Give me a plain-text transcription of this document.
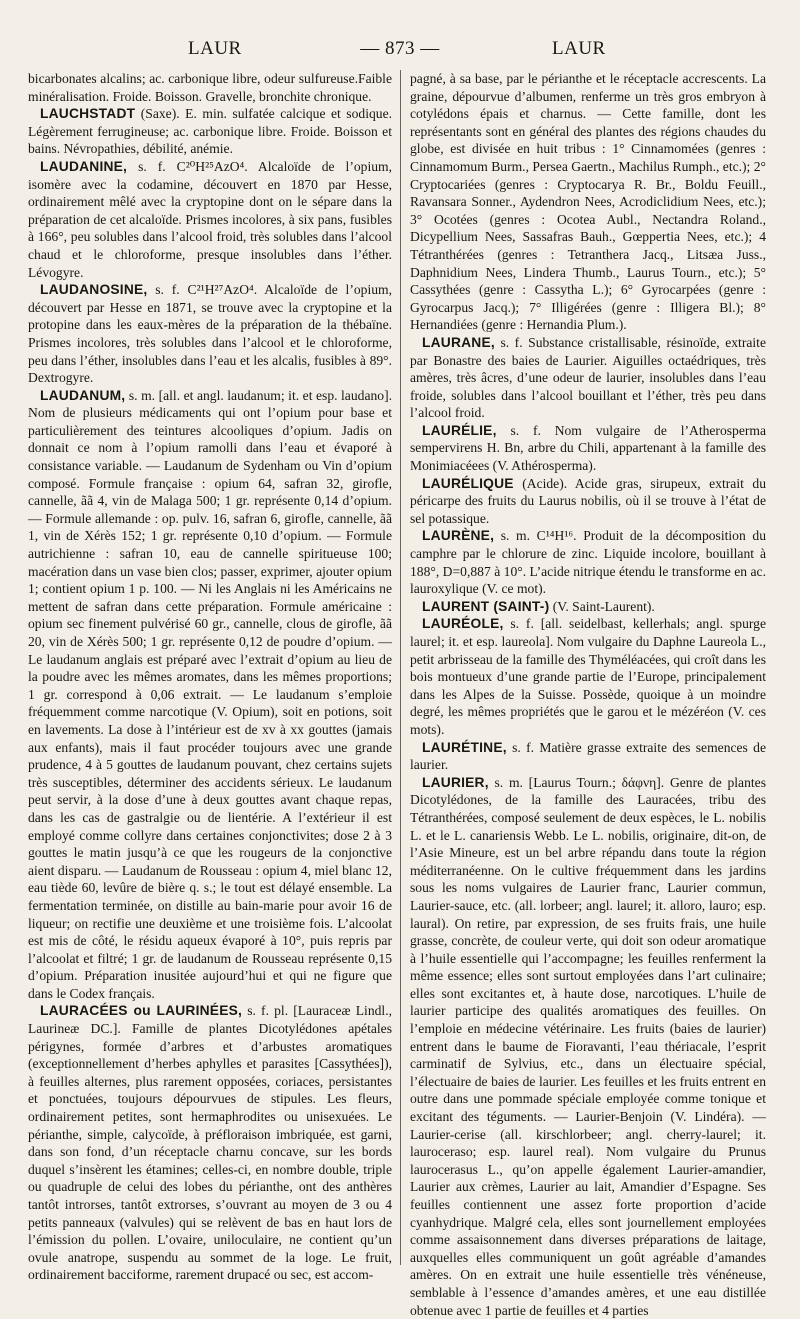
LAUR	— 873 —	LAUR

bicarbonates alcalins; ac. carbonique libre, odeur sulfureuse.Faible minéralisation. Froide. Boisson. Gravelle, bronchite chronique.

LAUCHSTADT (Saxe). E. min. sulfatée calcique et sodique. Légèrement ferrugineuse; ac. carbonique libre. Froide. Boisson et bains. Névropathies, débilité, anémie.

LAUDANINE, s. f. C²⁰H²⁵AzO⁴. Alcaloïde de l’opium, isomère avec la codamine, découvert en 1870 par Hesse, ordinairement mêlé avec la cryptopine dont on le sépare dans la préparation de cet alcaloïde. Prismes incolores, à six pans, fusibles à 166°, peu solubles dans l’alcool froid, très solubles dans l’alcool chaud et le chloroforme, presque insolubles dans l’éther. Lévogyre.

LAUDANOSINE, s. f. C²¹H²⁷AzO⁴. Alcaloïde de l’opium, découvert par Hesse en 1871, se trouve avec la cryptopine et la protopine dans les eaux-mères de la préparation de la thébaïne. Prismes incolores, très solubles dans l’alcool et le chloroforme, peu dans l’éther, insolubles dans l’eau et les alcalis, fusibles à 89°. Dextrogyre.

LAUDANUM, s. m. [all. et angl. laudanum; it. et esp. laudano]. Nom de plusieurs médicaments qui ont l’opium pour base et particulièrement des teintures alcooliques d’opium. Jadis on donnait ce nom à l’opium ramolli dans l’eau et évaporé à consistance variable. — Laudanum de Sydenham ou Vin d’opium composé. Formule française : opium 64, safran 32, girofle, cannelle, ãã 4, vin de Malaga 500; 1 gr. représente 0,14 d’opium. — Formule allemande : op. pulv. 16, safran 6, girofle, cannelle, ãã 1, vin de Xérès 152; 1 gr. représente 0,10 d’opium. — Formule autrichienne : safran 10, eau de cannelle spiritueuse 100; macération dans un vase bien clos; passer, exprimer, ajouter opium 1; contient opium 1 p. 100. — Ni les Anglais ni les Américains ne mettent de safran dans cette préparation. Formule américaine : opium sec finement pulvérisé 60 gr., cannelle, clous de girofle, ãã 20, vin de Xérès 500; 1 gr. représente 0,12 de poudre d’opium. — Le laudanum anglais est préparé avec l’extrait d’opium au lieu de la poudre avec les mêmes aromates, dans les mêmes proportions; 1 gr. correspond à 0,06 extrait. — Le laudanum s’emploie fréquemment comme narcotique (V. Opium), soit en potions, soit en lavements. La dose à l’intérieur est de xv à xx gouttes (jamais aux enfants), mais il faut procéder toujours avec une grande prudence, 4 à 5 gouttes de laudanum pouvant, chez certains sujets très susceptibles, déterminer des accidents sérieux. Le laudanum peut servir, à la dose d’une à deux gouttes avant chaque repas, dans les cas de gastralgie ou de lientérie. A l’extérieur il est employé comme collyre dans certaines conjonctivites; dose 2 à 3 gouttes le matin jusqu’à ce que les rougeurs de la conjonctive aient disparu. — Laudanum de Rousseau : opium 4, miel blanc 12, eau tiède 60, levûre de bière q. s.; le tout est délayé ensemble. La fermentation terminée, on distille au bain-marie pour avoir 16 de liqueur; on rectifie une deuxième et une troisième fois. L’alcoolat est mis de côté, le résidu aqueux évaporé à 10°, puis repris par l’alcoolat et filtré; 1 gr. de laudanum de Rousseau représente 0,15 d’opium. Préparation inusitée aujourd’hui et qui ne figure que dans le Codex français.

LAURACÉES ou LAURINÉES, s. f. pl. [Lauraceæ Lindl., Laurineæ DC.]. Famille de plantes Dicotylédones apétales périgynes, formée d’arbres et d’arbustes aromatiques (exceptionnellement d’herbes aphylles et parasites [Cassythées]), à feuilles alternes, plus rarement opposées, coriaces, persistantes et ponctuées, toujours dépourvues de stipules. Les fleurs, ordinairement petites, sont hermaphrodites ou unisexuées. Le périanthe, simple, calycoïde, à préfloraison imbriquée, est garni, dans son fond, d’un réceptacle charnu concave, sur les bords duquel s’insèrent les étamines; celles-ci, en nombre double, triple ou quadruple de celui des lobes du périanthe, ont des anthères tantôt introrses, tantôt extrorses, s’ouvrant au moyen de 3 ou 4 petits panneaux (valvules) qui se relèvent de bas en haut lors de l’émission du pollen. L’ovaire, uniloculaire, ne contient qu’un ovule anatrope, suspendu au sommet de la loge. Le fruit, ordinairement bacciforme, rarement drupacé ou sec, est accom-

pagné, à sa base, par le périanthe et le réceptacle accrescents. La graine, dépourvue d’albumen, renferme un très gros embryon à cotylédons épais et charnus. — Cette famille, dont les représentants sont en général des plantes des régions chaudes du globe, est divisée en huit tribus : 1° Cinnamomées (genres : Cinnamomum Burm., Persea Gaertn., Machilus Rumph., etc.); 2° Cryptocariées (genres : Cryptocarya R. Br., Boldu Feuill., Ravansara Sonner., Aydendron Nees, Acrodiclidium Nees, etc.); 3° Ocotées (genres : Ocotea Aubl., Nectandra Roland., Dicypellium Nees, Sassafras Bauh., Gœppertia Nees, etc.); 4 Tétranthérées (genres : Tetranthera Jacq., Litsæa Juss., Daphnidium Nees, Lindera Thumb., Laurus Tourn., etc.); 5° Cassythées (genre : Cassytha L.); 6° Gyrocarpées (genre : Gyrocarpus Jacq.); 7° Illigérées (genre : Illigera Bl.); 8° Hernandiées (genre : Hernandia Plum.).

LAURANE, s. f. Substance cristallisable, résinoïde, extraite par Bonastre des baies de Laurier. Aiguilles octaédriques, très amères, très âcres, d’une odeur de laurier, insolubles dans l’eau froide, solubles dans l’alcool bouillant et l’éther, très peu dans l’alcool froid.

LAURÉLIE, s. f. Nom vulgaire de l’Atherosperma sempervirens H. Bn, arbre du Chili, appartenant à la famille des Monimiacéees (V. Athérosperma).

LAURÉLIQUE (Acide). Acide gras, sirupeux, extrait du péricarpe des fruits du Laurus nobilis, où il se trouve à l’état de sel potassique.

LAURÈNE, s. m. C¹⁴H¹⁶. Produit de la décomposition du camphre par le chlorure de zinc. Liquide incolore, bouillant à 188°, D=0,887 à 10°. L’acide nitrique étendu le transforme en ac. lauroxylique (V. ce mot).

LAURENT (SAINT-) (V. Saint-Laurent).

LAURÉOLE, s. f. [all. seidelbast, kellerhals; angl. spurge laurel; it. et esp. laureola]. Nom vulgaire du Daphne Laureola L., petit arbrisseau de la famille des Thyméléacées, qui croît dans les bois montueux d’une grande partie de l’Europe, principalement dans les Alpes de la Suisse. Possède, quoique à un moindre degré, les mêmes propriétés que le garou et le mézéréon (V. ces mots).

LAURÉTINE, s. f. Matière grasse extraite des semences de laurier.

LAURIER, s. m. [Laurus Tourn.; δάφνη]. Genre de plantes Dicotylédones, de la famille des Lauracées, tribu des Tétranthérées, composé seulement de deux espèces, le L. nobilis L. et le L. canariensis Webb. Le L. nobilis, originaire, dit-on, de l’Asie Mineure, est un bel arbre répandu dans toute la région méditerranéenne. On le cultive fréquemment dans les jardins sous les noms vulgaires de Laurier franc, Laurier commun, Laurier-sauce, etc. (all. lorbeer; angl. laurel; it. alloro, lauro; esp. laural). On retire, par expression, de ses fruits frais, une huile grasse, concrète, de couleur verte, qui doit son odeur aromatique à l’huile essentielle qui l’accompagne; les feuilles renferment la même essence; elles sont surtout employées dans l’art culinaire; elles sont excitantes et, à haute dose, narcotiques. L’huile de laurier participe des qualités aromatiques des feuilles. On l’emploie en médecine vétérinaire. Les fruits (baies de laurier) entrent dans le baume de Fioravanti, l’eau thériacale, l’esprit carminatif de Sylvius, etc., dans un électuaire spécial, l’électuaire de baies de laurier. Les feuilles et les fruits entrent en outre dans une pommade spéciale employée comme tonique et excitant des téguments. — Laurier-Benjoin (V. Lindéra). — Laurier-cerise (all. kirschlorbeer; angl. cherry-laurel; it. lauroceraso; esp. laurel real). Nom vulgaire du Prunus laurocerasus L., qu’on appelle également Laurier-amandier, Laurier aux crèmes, Laurier au lait, Amandier d’Espagne. Ses feuilles contiennent une assez forte proportion d’acide cyanhydrique. Malgré cela, elles sont journellement employées comme assaisonnement dans diverses préparations de laitage, auxquelles elles communiquent un goût agréable d’amandes amères. On en extrait une huile essentielle très vénéneuse, semblable à l’essence d’amandes amères, et une eau distillée obtenue avec 1 partie de feuilles et 4 parties
